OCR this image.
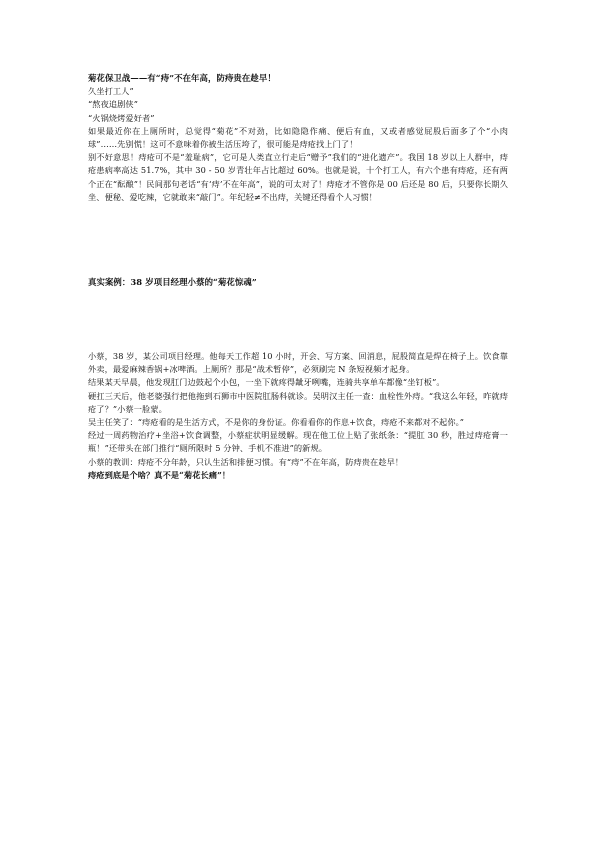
菊花保卫战——有“痔”不在年高，防痔贵在趁早！

久坐打工人”

“熬夜追剧侠”

“火锅烧烤爱好者”

如果最近你在上厕所时，总觉得“菊花”不对劲，比如隐隐作痛、便后有血，又或者感觉屁股后面多了个“小肉球”……先别慌！这可不意味着你被生活压垮了，很可能是痔疮找上门了！

别不好意思！痔疮可不是“羞耻病”，它可是人类直立行走后“赠予”我们的“进化遗产”。我国 18 岁以上人群中，痔疮患病率高达 51.7%，其中 30 - 50 岁青壮年占比超过 60%。也就是说，十个打工人，有六个患有痔疮，还有两个正在“酝酿”！民间那句老话“有‘痔’不在年高”，说的可太对了！痔疮才不管你是 00 后还是 80 后，只要你长期久坐、便秘、爱吃辣，它就敢来“敲门”。年纪轻≠不出痔，关键还得看个人习惯！

真实案例：38 岁项目经理小蔡的“菊花惊魂”

小蔡，38 岁，某公司项目经理。他每天工作超 10 小时，开会、写方案、回消息，屁股简直是焊在椅子上。饮食靠外卖，最爱麻辣香锅+冰啤酒。上厕所？那是“战术暂停”，必须刷完 N 条短视频才起身。

结果某天早晨，他发现肛门边鼓起个小包，一坐下就疼得龇牙咧嘴，连骑共享单车都像“坐钉板”。

硬扛三天后，他老婆强行把他拖到石狮市中医院肛肠科就诊。吴明汉主任一查：血栓性外痔。“我这么年轻，咋就痔疮了？”小蔡一脸蒙。

吴主任笑了：“痔疮看的是生活方式，不是你的身份证。你看看你的作息+饮食，痔疮不来都对不起你。”

经过一周药物治疗+坐浴+饮食调整，小蔡症状明显缓解。现在他工位上贴了张纸条：“提肛 30 秒，胜过痔疮膏一瓶！”还带头在部门推行“厕所限时 5 分钟、手机不准进”的新规。

小蔡的教训：痔疮不分年龄，只认生活和排便习惯。有“痔”不在年高，防痔贵在趁早！

痔疮到底是个啥？真不是“菊花长痛”！
